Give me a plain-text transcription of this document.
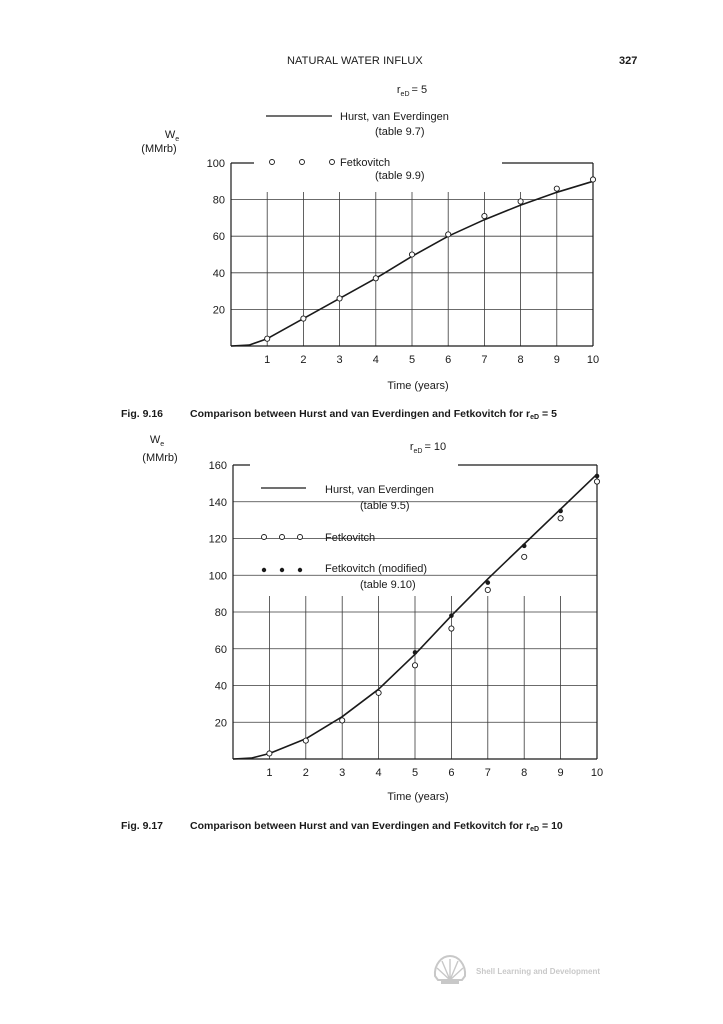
NATURAL WATER INFLUX	327
$r_{eD} = 5$
$W_e$
(MMrb)
Time (years)
20
40
60
80
100
1	2	3	4	5	6	7	8	9 10
Hurst, van Everdingen
(table 9.7)
Fetkovitch
(table 9.9)
Fig. 9.16	Comparison between Hurst and van Everdingen and Fetkovitch for reD = 5
$r_{eD} = 10$
$W_e$
(MMrb)
Time (years)
20
40
60
80
100
120
140
160
1	2	3	4	5	6	7	8	9 10
Hurst, van Everdingen
(table 9.5)
Fetkovitch
Fetkovitch (modified)
(table 9.10)
Fig. 9.17	Comparison between Hurst and van Everdingen and Fetkovitch for reD = 10
Shell Learning and Development
